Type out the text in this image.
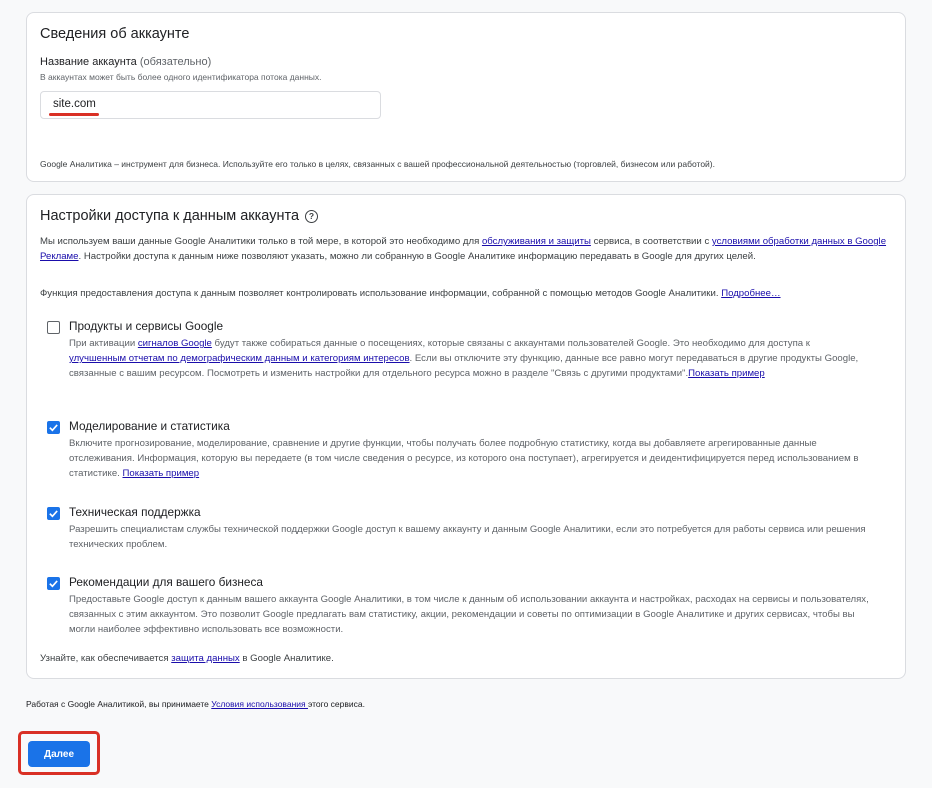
Сведения об аккаунте
Название аккаунта (обязательно)
В аккаунтах может быть более одного идентификатора потока данных.
site.com
Google Аналитика – инструмент для бизнеса. Используйте его только в целях, связанных с вашей профессиональной деятельностью (торговлей, бизнесом или работой).
Настройки доступа к данным аккаунта	?
Мы используем ваши данные Google Аналитики только в той мере, в которой это необходимо для обслуживания и защиты сервиса, в соответствии с условиями обработки данных в Google Рекламе. Настройки доступа к данным ниже позволяют указать, можно ли собранную в Google Аналитике информацию передавать в Google для других целей.
Функция предоставления доступа к данным позволяет контролировать использование информации, собранной с помощью методов Google Аналитики. Подробнее…
Продукты и сервисы Google
При активации сигналов Google будут также собираться данные о посещениях, которые связаны с аккаунтами пользователей Google. Это необходимо для доступа к улучшенным отчетам по демографическим данным и категориям интересов. Если вы отключите эту функцию, данные все равно могут передаваться в другие продукты Google, связанные с вашим ресурсом. Посмотреть и изменить настройки для отдельного ресурса можно в разделе "Связь с другими продуктами".Показать пример
Моделирование и статистика
Включите прогнозирование, моделирование, сравнение и другие функции, чтобы получать более подробную статистику, когда вы добавляете агрегированные данные отслеживания. Информация, которую вы передаете (в том числе сведения о ресурсе, из которого она поступает), агрегируется и деидентифицируется перед использованием в статистике. Показать пример
Техническая поддержка
Разрешить специалистам службы технической поддержки Google доступ к вашему аккаунту и данным Google Аналитики, если это потребуется для работы сервиса или решения технических проблем.
Рекомендации для вашего бизнеса
Предоставьте Google доступ к данным вашего аккаунта Google Аналитики, в том числе к данным об использовании аккаунта и настройках, расходах на сервисы и пользователях, связанных с этим аккаунтом. Это позволит Google предлагать вам статистику, акции, рекомендации и советы по оптимизации в Google Аналитике и других сервисах, чтобы вы могли наиболее эффективно использовать все возможности.
Узнайте, как обеспечивается защита данных в Google Аналитике.
Работая с Google Аналитикой, вы принимаете Условия использования этого сервиса.
Далее
